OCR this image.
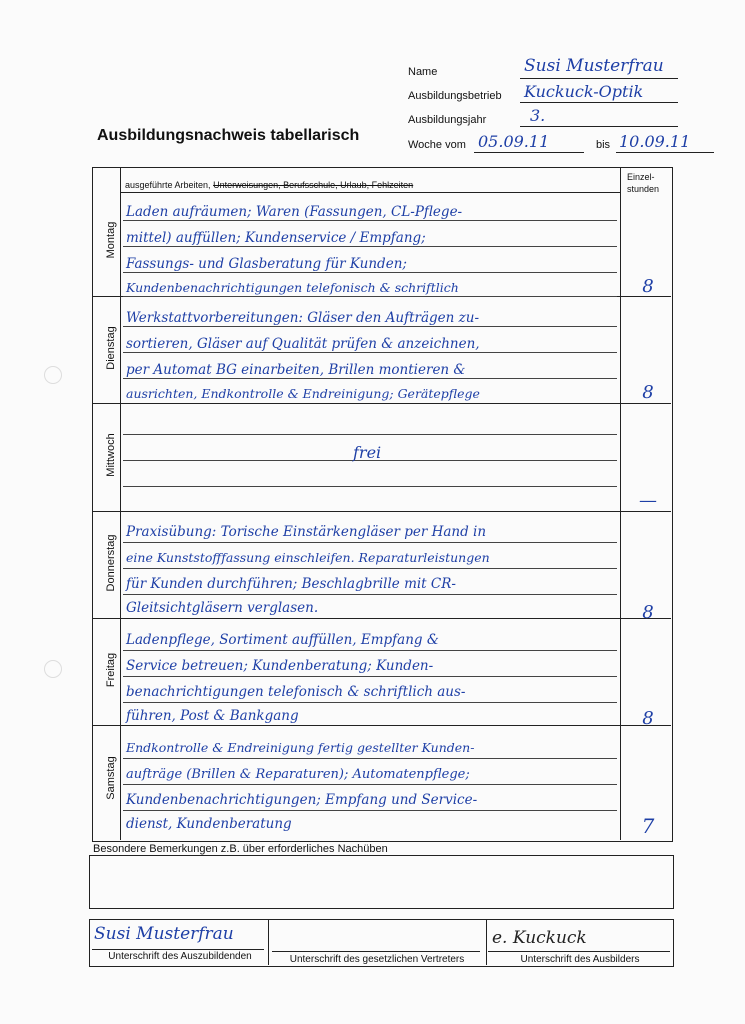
Name	Susi Musterfrau
Ausbildungsbetrieb Kuckuck-Optik
Ausbildungsjahr	3.
Ausbildungsnachweis tabellarisch
Woche vom 05.09.11	bis 10.09.11
ausgeführte Arbeiten, Unterweisungen, Berufsschule, Urlaub, Fehlzeiten
Einzel-
stunden
Montag
Laden aufräumen; Waren (Fassungen, CL-Pflege-
mittel) auffüllen; Kundenservice / Empfang;
Fassungs- und Glasberatung für Kunden;
Kundenbenachrichtigungen telefonisch & schriftlich	8
Dienstag
Werkstattvorbereitungen: Gläser den Aufträgen zu-
sortieren, Gläser auf Qualität prüfen & anzeichnen,
per Automat BG einarbeiten, Brillen montieren &
ausrichten, Endkontrolle & Endreinigung; Gerätepflege	8
Mittwoch	frei
—
Donnerstag
Praxisübung: Torische Einstärkengläser per Hand in
eine Kunststofffassung einschleifen. Reparaturleistungen
für Kunden durchführen; Beschlagbrille mit CR-
Gleitsichtgläsern verglasen.	8
Freitag
Ladenpflege, Sortiment auffüllen, Empfang &
Service betreuen; Kundenberatung; Kunden-
benachrichtigungen telefonisch & schriftlich aus-
führen, Post & Bankgang	8
Samstag
Endkontrolle & Endreinigung fertig gestellter Kunden-
aufträge (Brillen & Reparaturen); Automatenpflege;
Kundenbenachrichtigungen; Empfang und Service-
dienst, Kundenberatung	7
Besondere Bemerkungen z.B. über erforderliches Nachüben
Susi Musterfrau
Unterschrift des Auszubildenden	Unterschrift des gesetzlichen Vertreters
e. Kuckuck
Unterschrift des Ausbilders
